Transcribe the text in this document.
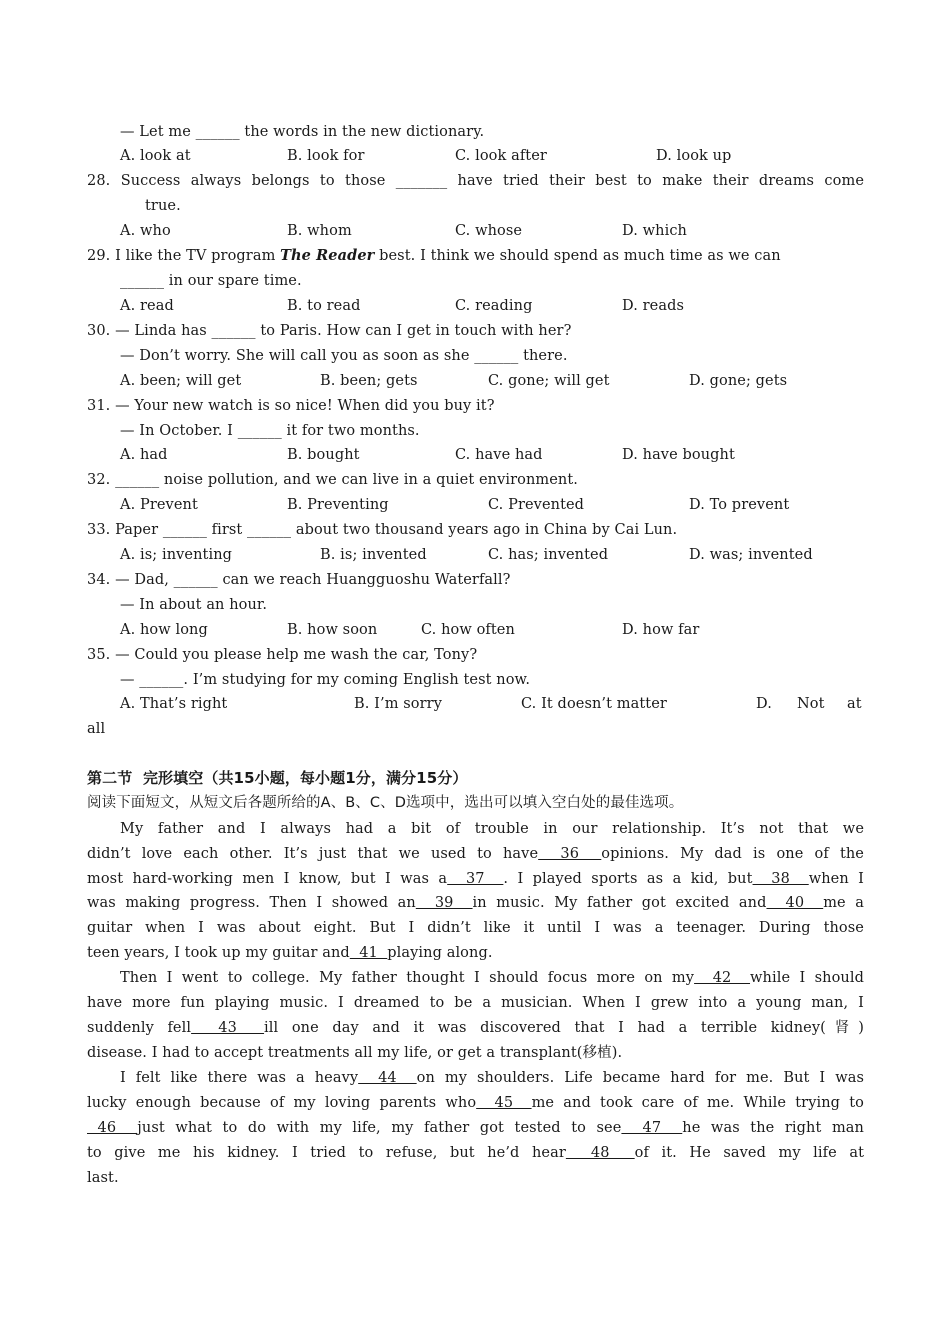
— Let me ______ the words in the new dictionary.
A. look at	B. look for	C. look after	D. look up
28. Success always belongs to those _______ have tried their best to make their dreams come
true.
A. who	B. whom	C. whose	D. which
29. I like the TV program The Reader best. I think we should spend as much time as we can
______ in our spare time.
A. read	B. to read	C. reading	D. reads
30. — Linda has ______ to Paris. How can I get in touch with her?
— Don’t worry. She will call you as soon as she ______ there.
A. been; will get	B. been; gets	C. gone; will get	D. gone; gets
31. — Your new watch is so nice! When did you buy it?
— In October. I ______ it for two months.
A. had	B. bought	C. have had	D. have bought
32. ______ noise pollution, and we can live in a quiet environment.
A. Prevent	B. Preventing	C. Prevented	D. To prevent
33. Paper ______ first ______ about two thousand years ago in China by Cai Lun.
A. is; inventing	B. is; invented	C. has; invented	D. was; invented
34. — Dad, ______ can we reach Huangguoshu Waterfall?
— In about an hour.
A. how long	B. how soon	C. how often	D. how far
35. — Could you please help me wash the car, Tony?
— ______. I’m studying for my coming English test now.
A. That’s right	B. I’m sorry	C. It doesn’t matter	D. Not at
all
第二节  完形填空（共15小题，每小题1分，满分15分）
阅读下面短文，从短文后各题所给的A、B、C、D选项中，选出可以填入空白处的最佳选项。
My father and I always had a bit of trouble in our relationship. It’s not that we
didn’t love each other. It’s just that we used to have  36  opinions. My dad is one of the
most hard-working men I know, but I was a  37  . I played sports as a kid, but  38  when I
was making progress. Then I showed an  39  in music. My father got excited and  40  me a
guitar when I was about eight. But I didn’t like it until I was a teenager. During those
teen years, I took up my guitar and  41  playing along.
Then I went to college. My father thought I should focus more on my  42  while I should
have more fun playing music. I dreamed to be a musician. When I grew into a young man, I
suddenly fell  43  ill one day and it was discovered that I had a terrible kidney(肾)
disease. I had to accept treatments all my life, or get a transplant(移植).
I felt like there was a heavy  44  on my shoulders. Life became hard for me. But I was
lucky enough because of my loving parents who  45  me and took care of me. While trying to
46  just what to do with my life, my father got tested to see  47  he was the right man
to give me his kidney. I tried to refuse, but he’d hear  48  of it. He saved my life at
last.
